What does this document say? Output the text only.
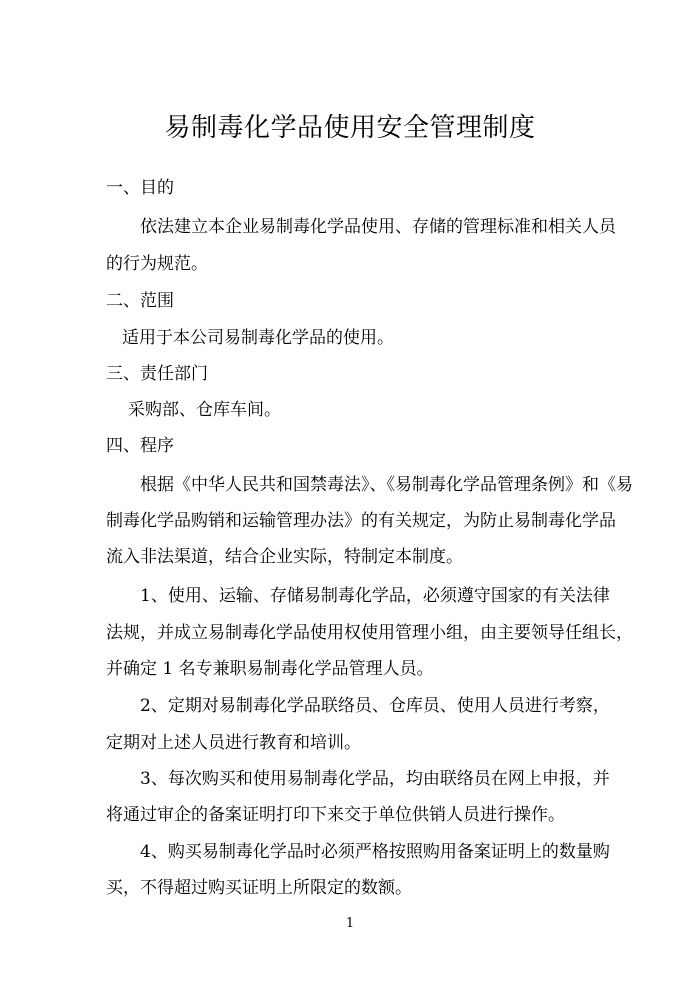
易制毒化学品使用安全管理制度
一、目的
依法建立本企业易制毒化学品使用、存储的管理标准和相关人员
的行为规范。
二、范围
适用于本公司易制毒化学品的使用。
三、责任部门
采购部、仓库车间。
四、程序
根据《中华人民共和国禁毒法》、《易制毒化学品管理条例》和《易
制毒化学品购销和运输管理办法》的有关规定，为防止易制毒化学品
流入非法渠道，结合企业实际，特制定本制度。
1、使用、运输、存储易制毒化学品，必须遵守国家的有关法律
法规，并成立易制毒化学品使用权使用管理小组，由主要领导任组长，
并确定 1 名专兼职易制毒化学品管理人员。
2、定期对易制毒化学品联络员、仓库员、使用人员进行考察，
定期对上述人员进行教育和培训。
3、每次购买和使用易制毒化学品，均由联络员在网上申报，并
将通过审企的备案证明打印下来交于单位供销人员进行操作。
4、购买易制毒化学品时必须严格按照购用备案证明上的数量购
买，不得超过购买证明上所限定的数额。
1
